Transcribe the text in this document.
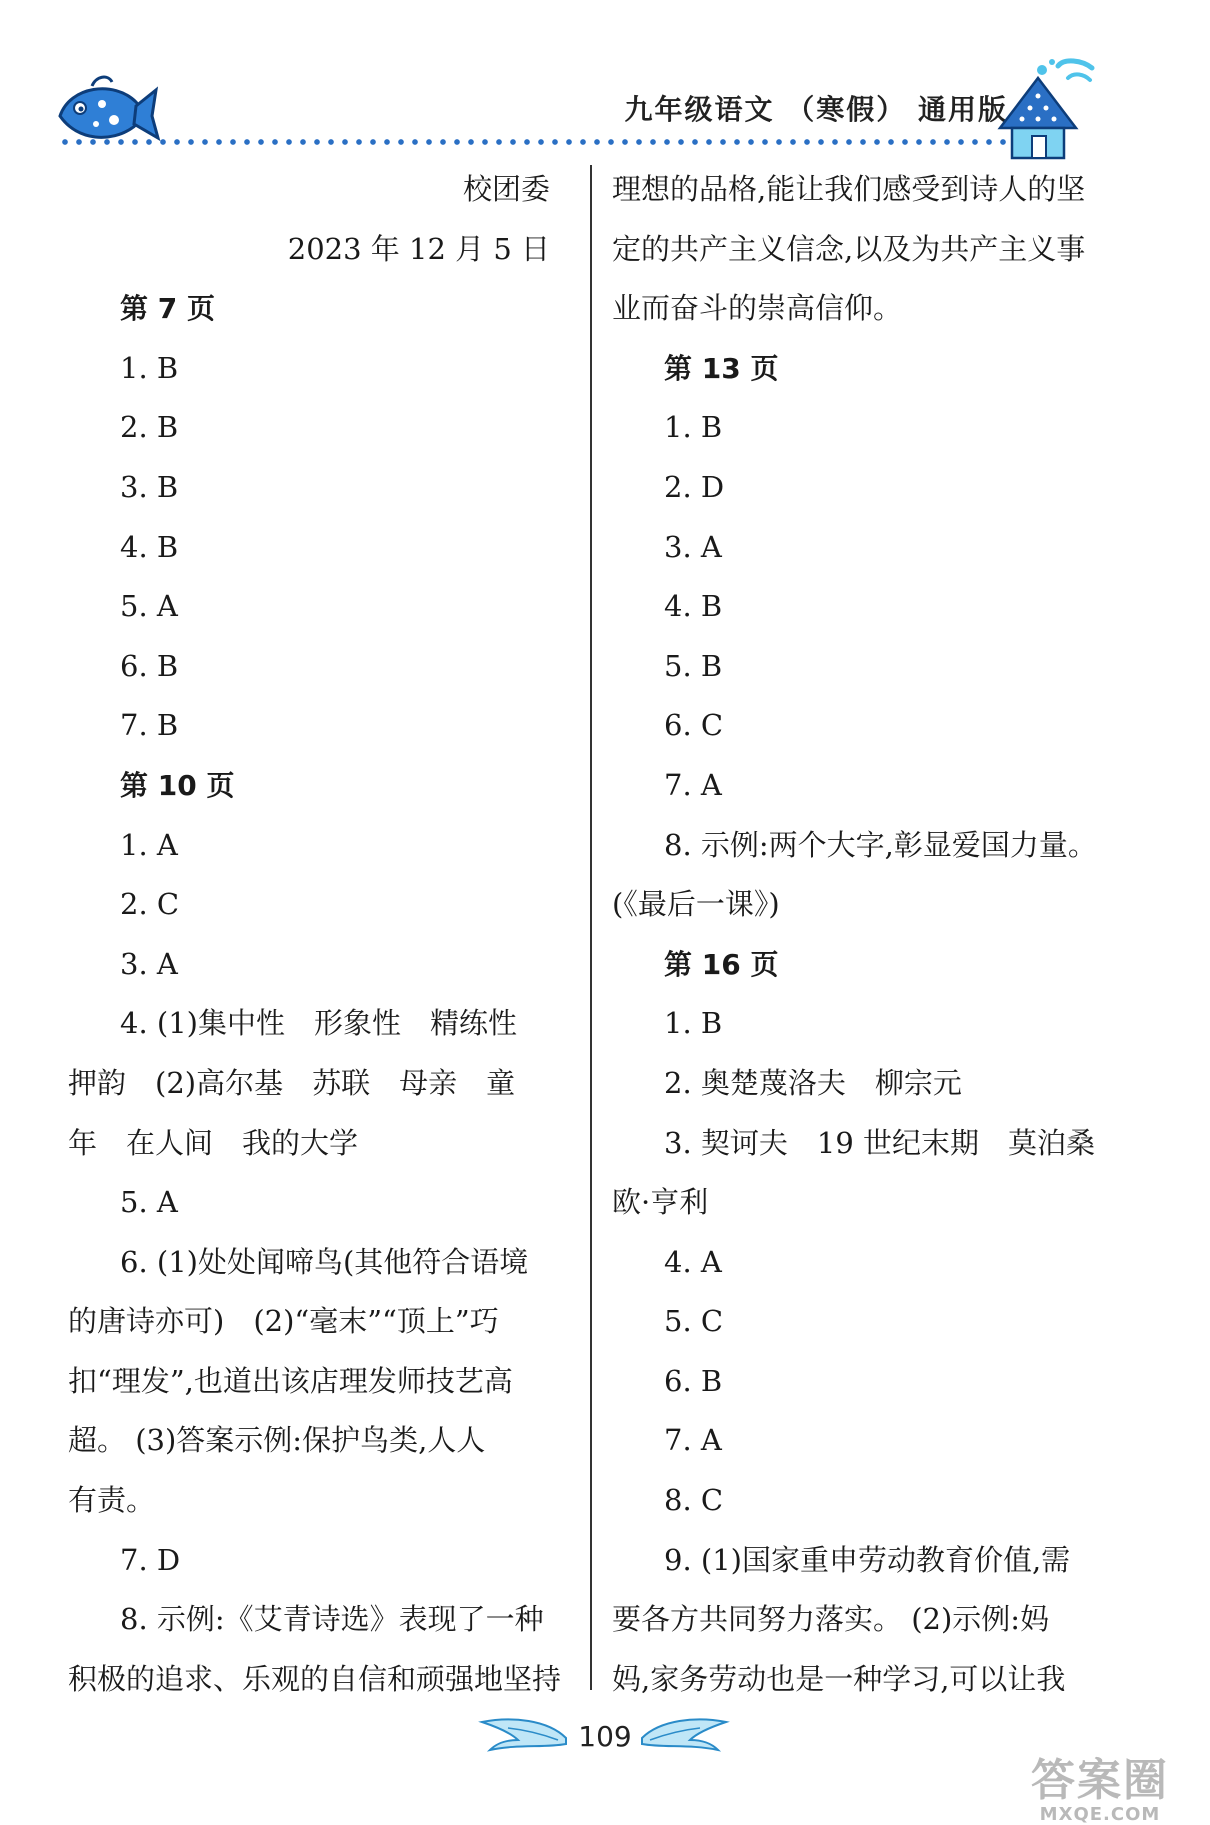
九年级语文 （寒假） 通用版
校团委
2023 年 12 月 5 日
第 7 页
1. B
2. B
3. B
4. B
5. A
6. B
7. B
第 10 页
1. A
2. C
3. A
4. (1)集中性　形象性　精练性
押韵　(2)高尔基　苏联　母亲　童
年　在人间　我的大学
5. A
6. (1)处处闻啼鸟(其他符合语境
的唐诗亦可)　(2)“毫末”“顶上”巧
扣“理发”,也道出该店理发师技艺高
超。 (3)答案示例:保护鸟类,人人
有责。
7. D
8. 示例:《艾青诗选》表现了一种
积极的追求、乐观的自信和顽强地坚持
理想的品格,能让我们感受到诗人的坚
定的共产主义信念,以及为共产主义事
业而奋斗的崇高信仰。
第 13 页
1. B
2. D
3. A
4. B
5. B
6. C
7. A
8. 示例:两个大字,彰显爱国力量。
(《最后一课》)
第 16 页
1. B
2. 奥楚蔑洛夫　柳宗元
3. 契诃夫　19 世纪末期　莫泊桑
欧·亨利
4. A
5. C
6. B
7. A
8. C
9. (1)国家重申劳动教育价值,需
要各方共同努力落实。 (2)示例:妈
妈,家务劳动也是一种学习,可以让我
109
答案圈
MXQE.COM
